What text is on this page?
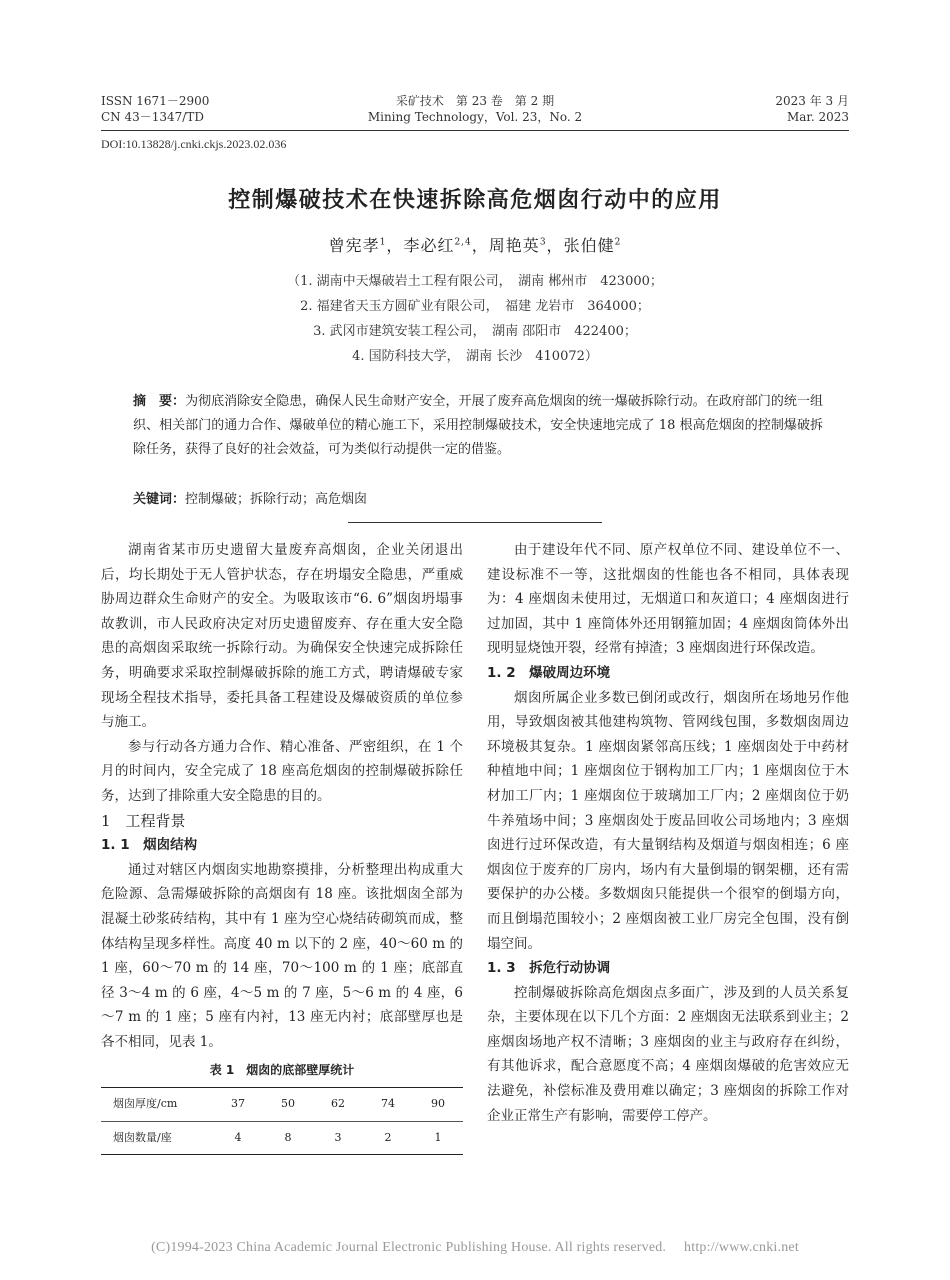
ISSN 1671－2900
CN 43－1347/TD
采矿技术　第 23 卷　第 2 期
Mining Technology，Vol. 23，No. 2
2023 年 3 月
Mar. 2023
DOI:10.13828/j.cnki.ckjs.2023.02.036
控制爆破技术在快速拆除高危烟囱行动中的应用
曾宪孝$^1$，李必红$^{2,4}$，周艳英$^3$，张伯健$^2$
（1. 湖南中天爆破岩土工程有限公司，　湖南 郴州市　423000；
2. 福建省天玉方圆矿业有限公司，　福建 龙岩市　364000；
3. 武冈市建筑安装工程公司，　湖南 邵阳市　422400；
4. 国防科技大学，　湖南 长沙　410072）
摘　要：为彻底消除安全隐患，确保人民生命财产安全，开展了废弃高危烟囱的统一爆破拆除行动。在政府部门的统一组织、相关部门的通力合作、爆破单位的精心施工下，采用控制爆破技术，安全快速地完成了 18 根高危烟囱的控制爆破拆除任务，获得了良好的社会效益，可为类似行动提供一定的借鉴。
关键词：控制爆破；拆除行动；高危烟囱

湖南省某市历史遗留大量废弃高烟囱，企业关闭退出后，均长期处于无人管护状态，存在坍塌安全隐患，严重威胁周边群众生命财产的安全。为吸取该市“6. 6”烟囱坍塌事故教训，市人民政府决定对历史遗留废弃、存在重大安全隐患的高烟囱采取统一拆除行动。为确保安全快速完成拆除任务，明确要求采取控制爆破拆除的施工方式，聘请爆破专家现场全程技术指导，委托具备工程建设及爆破资质的单位参与施工。

参与行动各方通力合作、精心准备、严密组织，在 1 个月的时间内，安全完成了 18 座高危烟囱的控制爆破拆除任务，达到了排除重大安全隐患的目的。

1　工程背景

1. 1　烟囱结构

通过对辖区内烟囱实地勘察摸排，分析整理出构成重大危险源、急需爆破拆除的高烟囱有 18 座。该批烟囱全部为混凝土砂浆砖结构，其中有 1 座为空心烧结砖砌筑而成，整体结构呈现多样性。高度 40 m 以下的 2 座，40～60 m 的 1 座，60～70 m 的 14 座，70～100 m 的 1 座；底部直径 3～4 m 的 6 座，4～5 m 的 7 座，5～6 m 的 4 座，6～7 m 的 1 座；5 座有内衬，13 座无内衬；底部壁厚也是各不相同，见表 1。

表 1　烟囱的底部壁厚统计
烟囱厚度/cm	37	50	62	74	90
烟囱数量/座	4	8	3	2	1

由于建设年代不同、原产权单位不同、建设单位不一、建设标准不一等，这批烟囱的性能也各不相同，具体表现为：4 座烟囱未使用过，无烟道口和灰道口；4 座烟囱进行过加固，其中 1 座筒体外还用钢箍加固；4 座烟囱筒体外出现明显烧蚀开裂，经常有掉渣；3 座烟囱进行环保改造。

1. 2　爆破周边环境

烟囱所属企业多数已倒闭或改行，烟囱所在场地另作他用，导致烟囱被其他建构筑物、管网线包围，多数烟囱周边环境极其复杂。1 座烟囱紧邻高压线；1 座烟囱处于中药材种植地中间；1 座烟囱位于钢构加工厂内；1 座烟囱位于木材加工厂内；1 座烟囱位于玻璃加工厂内；2 座烟囱位于奶牛养殖场中间；3 座烟囱处于废品回收公司场地内；3 座烟囱进行过环保改造，有大量钢结构及烟道与烟囱相连；6 座烟囱位于废弃的厂房内，场内有大量倒塌的钢架棚，还有需要保护的办公楼。多数烟囱只能提供一个很窄的倒塌方向，而且倒塌范围较小；2 座烟囱被工业厂房完全包围，没有倒塌空间。

1. 3　拆危行动协调

控制爆破拆除高危烟囱点多面广，涉及到的人员关系复杂，主要体现在以下几个方面：2 座烟囱无法联系到业主；2 座烟囱场地产权不清晰；3 座烟囱的业主与政府存在纠纷，有其他诉求，配合意愿度不高；4 座烟囱爆破的危害效应无法避免，补偿标准及费用难以确定；3 座烟囱的拆除工作对企业正常生产有影响，需要停工停产。

(C)1994-2023 China Academic Journal Electronic Publishing House. All rights reserved.　 http://www.cnki.net
